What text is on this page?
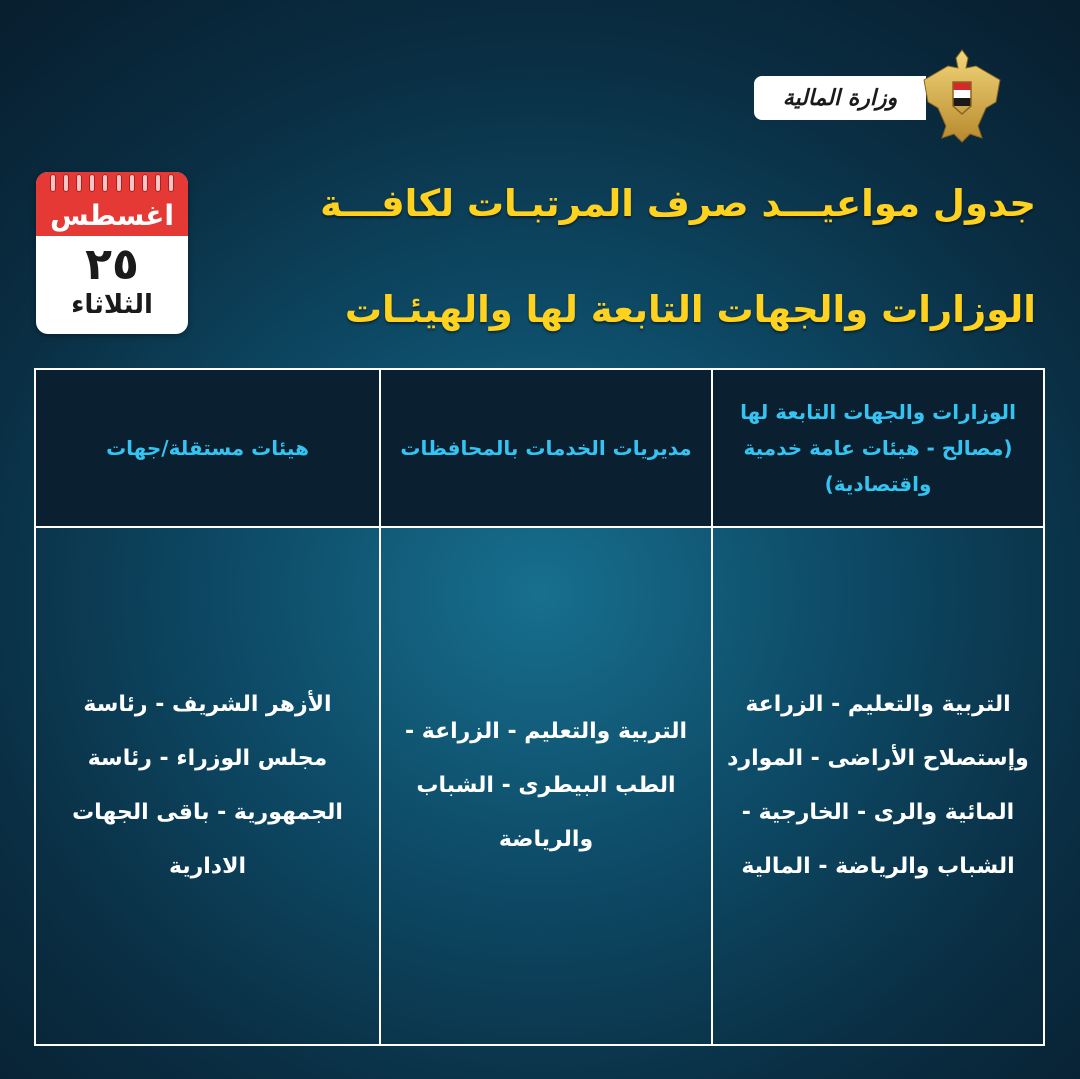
وزارة المالية
اغسطس
٢٥
الثلاثاء
جدول مواعيـــد صرف المرتبـات لكافـــة
الوزارات والجهات التابعة لها والهيئـات
الوزارات والجهات التابعة لها (مصالح - هيئات عامة خدمية واقتصادية)
مديريات الخدمات بالمحافظات
هيئات مستقلة/جهات
التربية والتعليم - الزراعة وإستصلاح الأراضى - الموارد المائية والرى - الخارجية - الشباب والرياضة - المالية
التربية والتعليم - الزراعة - الطب البيطرى - الشباب والرياضة
الأزهر الشريف - رئاسة مجلس الوزراء - رئاسة الجمهورية - باقى الجهات الادارية
